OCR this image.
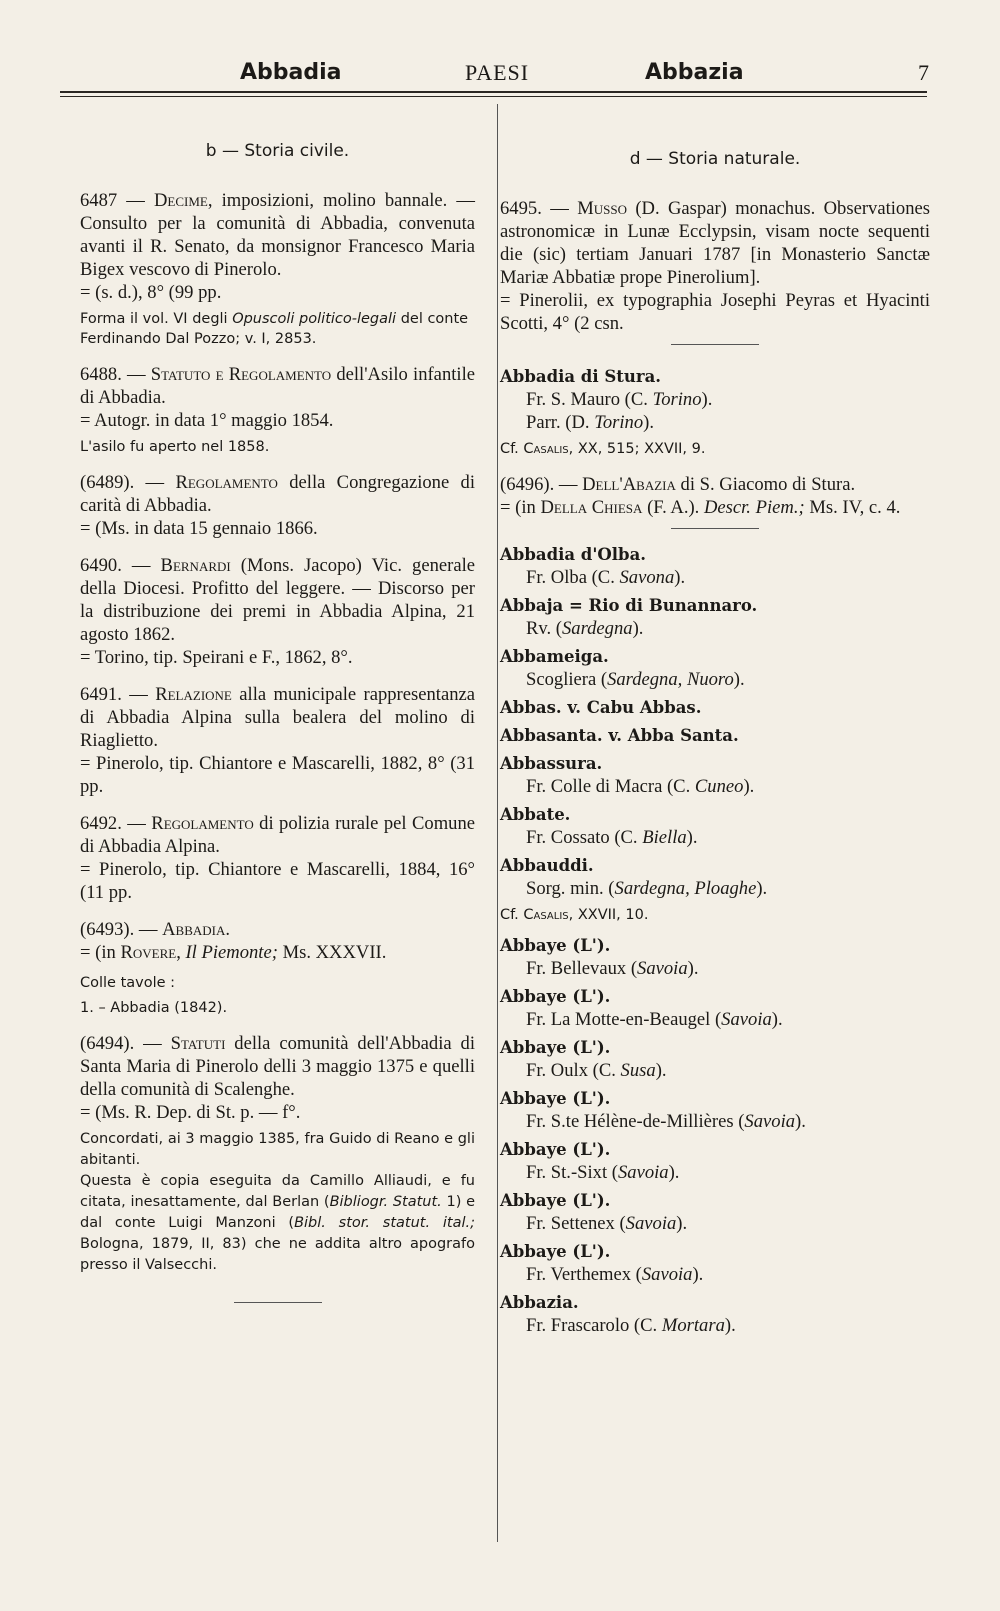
Abbadia	PAESI	Abbazia	7

b — Storia civile.

6487 — Decime, imposizioni, molino bannale. — Consulto per la comunità di Abbadia, convenuta avanti il R. Senato, da monsignor Francesco Maria Bigex vescovo di Pinerolo.

= (s. d.), 8° (99 pp.

Forma il vol. VI degli Opuscoli politico-legali del conte Ferdinando Dal Pozzo; v. I, 2853.

6488. — Statuto e Regolamento dell'Asilo infantile di Abbadia.

= Autogr. in data 1° maggio 1854.

L'asilo fu aperto nel 1858.

(6489). — Regolamento della Congregazione di carità di Abbadia.

= (Ms. in data 15 gennaio 1866.

6490. — Bernardi (Mons. Jacopo) Vic. generale della Diocesi. Profitto del leggere. — Discorso per la distribuzione dei premi in Abbadia Alpina, 21 agosto 1862.

= Torino, tip. Speirani e F., 1862, 8°.

6491. — Relazione alla municipale rappresentanza di Abbadia Alpina sulla bealera del molino di Riaglietto.

= Pinerolo, tip. Chiantore e Mascarelli, 1882, 8° (31 pp.

6492. — Regolamento di polizia rurale pel Comune di Abbadia Alpina.

= Pinerolo, tip. Chiantore e Mascarelli, 1884, 16° (11 pp.

(6493). — Abbadia.

= (in Rovere, Il Piemonte; Ms. XXXVII.

Colle tavole :

1. – Abbadia (1842).

(6494). — Statuti della comunità dell'Abbadia di Santa Maria di Pinerolo delli 3 maggio 1375 e quelli della comunità di Scalenghe.

= (Ms. R. Dep. di St. p. — f°.

Concordati, ai 3 maggio 1385, fra Guido di Reano e gli abitanti.

Questa è copia eseguita da Camillo Alliaudi, e fu citata, inesattamente, dal Berlan (Bibliogr. Statut. 1) e dal conte Luigi Manzoni (Bibl. stor. statut. ital.; Bologna, 1879, II, 83) che ne addita altro apografo presso il Valsecchi.

d — Storia naturale.

6495. — Musso (D. Gaspar) monachus. Observationes astronomicæ in Lunæ Ecclypsin, visam nocte sequenti die (sic) tertiam Januari 1787 [in Monasterio Sanctæ Mariæ Abbatiæ prope Pinerolium].

= Pinerolii, ex typographia Josephi Peyras et Hyacinti Scotti, 4° (2 csn.

Abbadia di Stura.
Fr. S. Mauro (C. Torino).
Parr. (D. Torino).

Cf. Casalis, XX, 515; XXVII, 9.

(6496). — Dell'Abazia di S. Giacomo di Stura.

= (in Della Chiesa (F. A.). Descr. Piem.; Ms. IV, c. 4.

Abbadia d'Olba.
Fr. Olba (C. Savona).
Abbaja = Rio di Bunannaro.
Rv. (Sardegna).
Abbameiga.
Scogliera (Sardegna, Nuoro).
Abbas. v. Cabu Abbas.
Abbasanta. v. Abba Santa.
Abbassura.
Fr. Colle di Macra (C. Cuneo).
Abbate.
Fr. Cossato (C. Biella).
Abbauddi.
Sorg. min. (Sardegna, Ploaghe).

Cf. Casalis, XXVII, 10.

Abbaye (L').
Fr. Bellevaux (Savoia).
Abbaye (L').
Fr. La Motte-en-Beaugel (Savoia).
Abbaye (L').
Fr. Oulx (C. Susa).
Abbaye (L').
Fr. S.te Hélène-de-Millières (Savoia).
Abbaye (L').
Fr. St.-Sixt (Savoia).
Abbaye (L').
Fr. Settenex (Savoia).
Abbaye (L').
Fr. Verthemex (Savoia).
Abbazia.
Fr. Frascarolo (C. Mortara).
